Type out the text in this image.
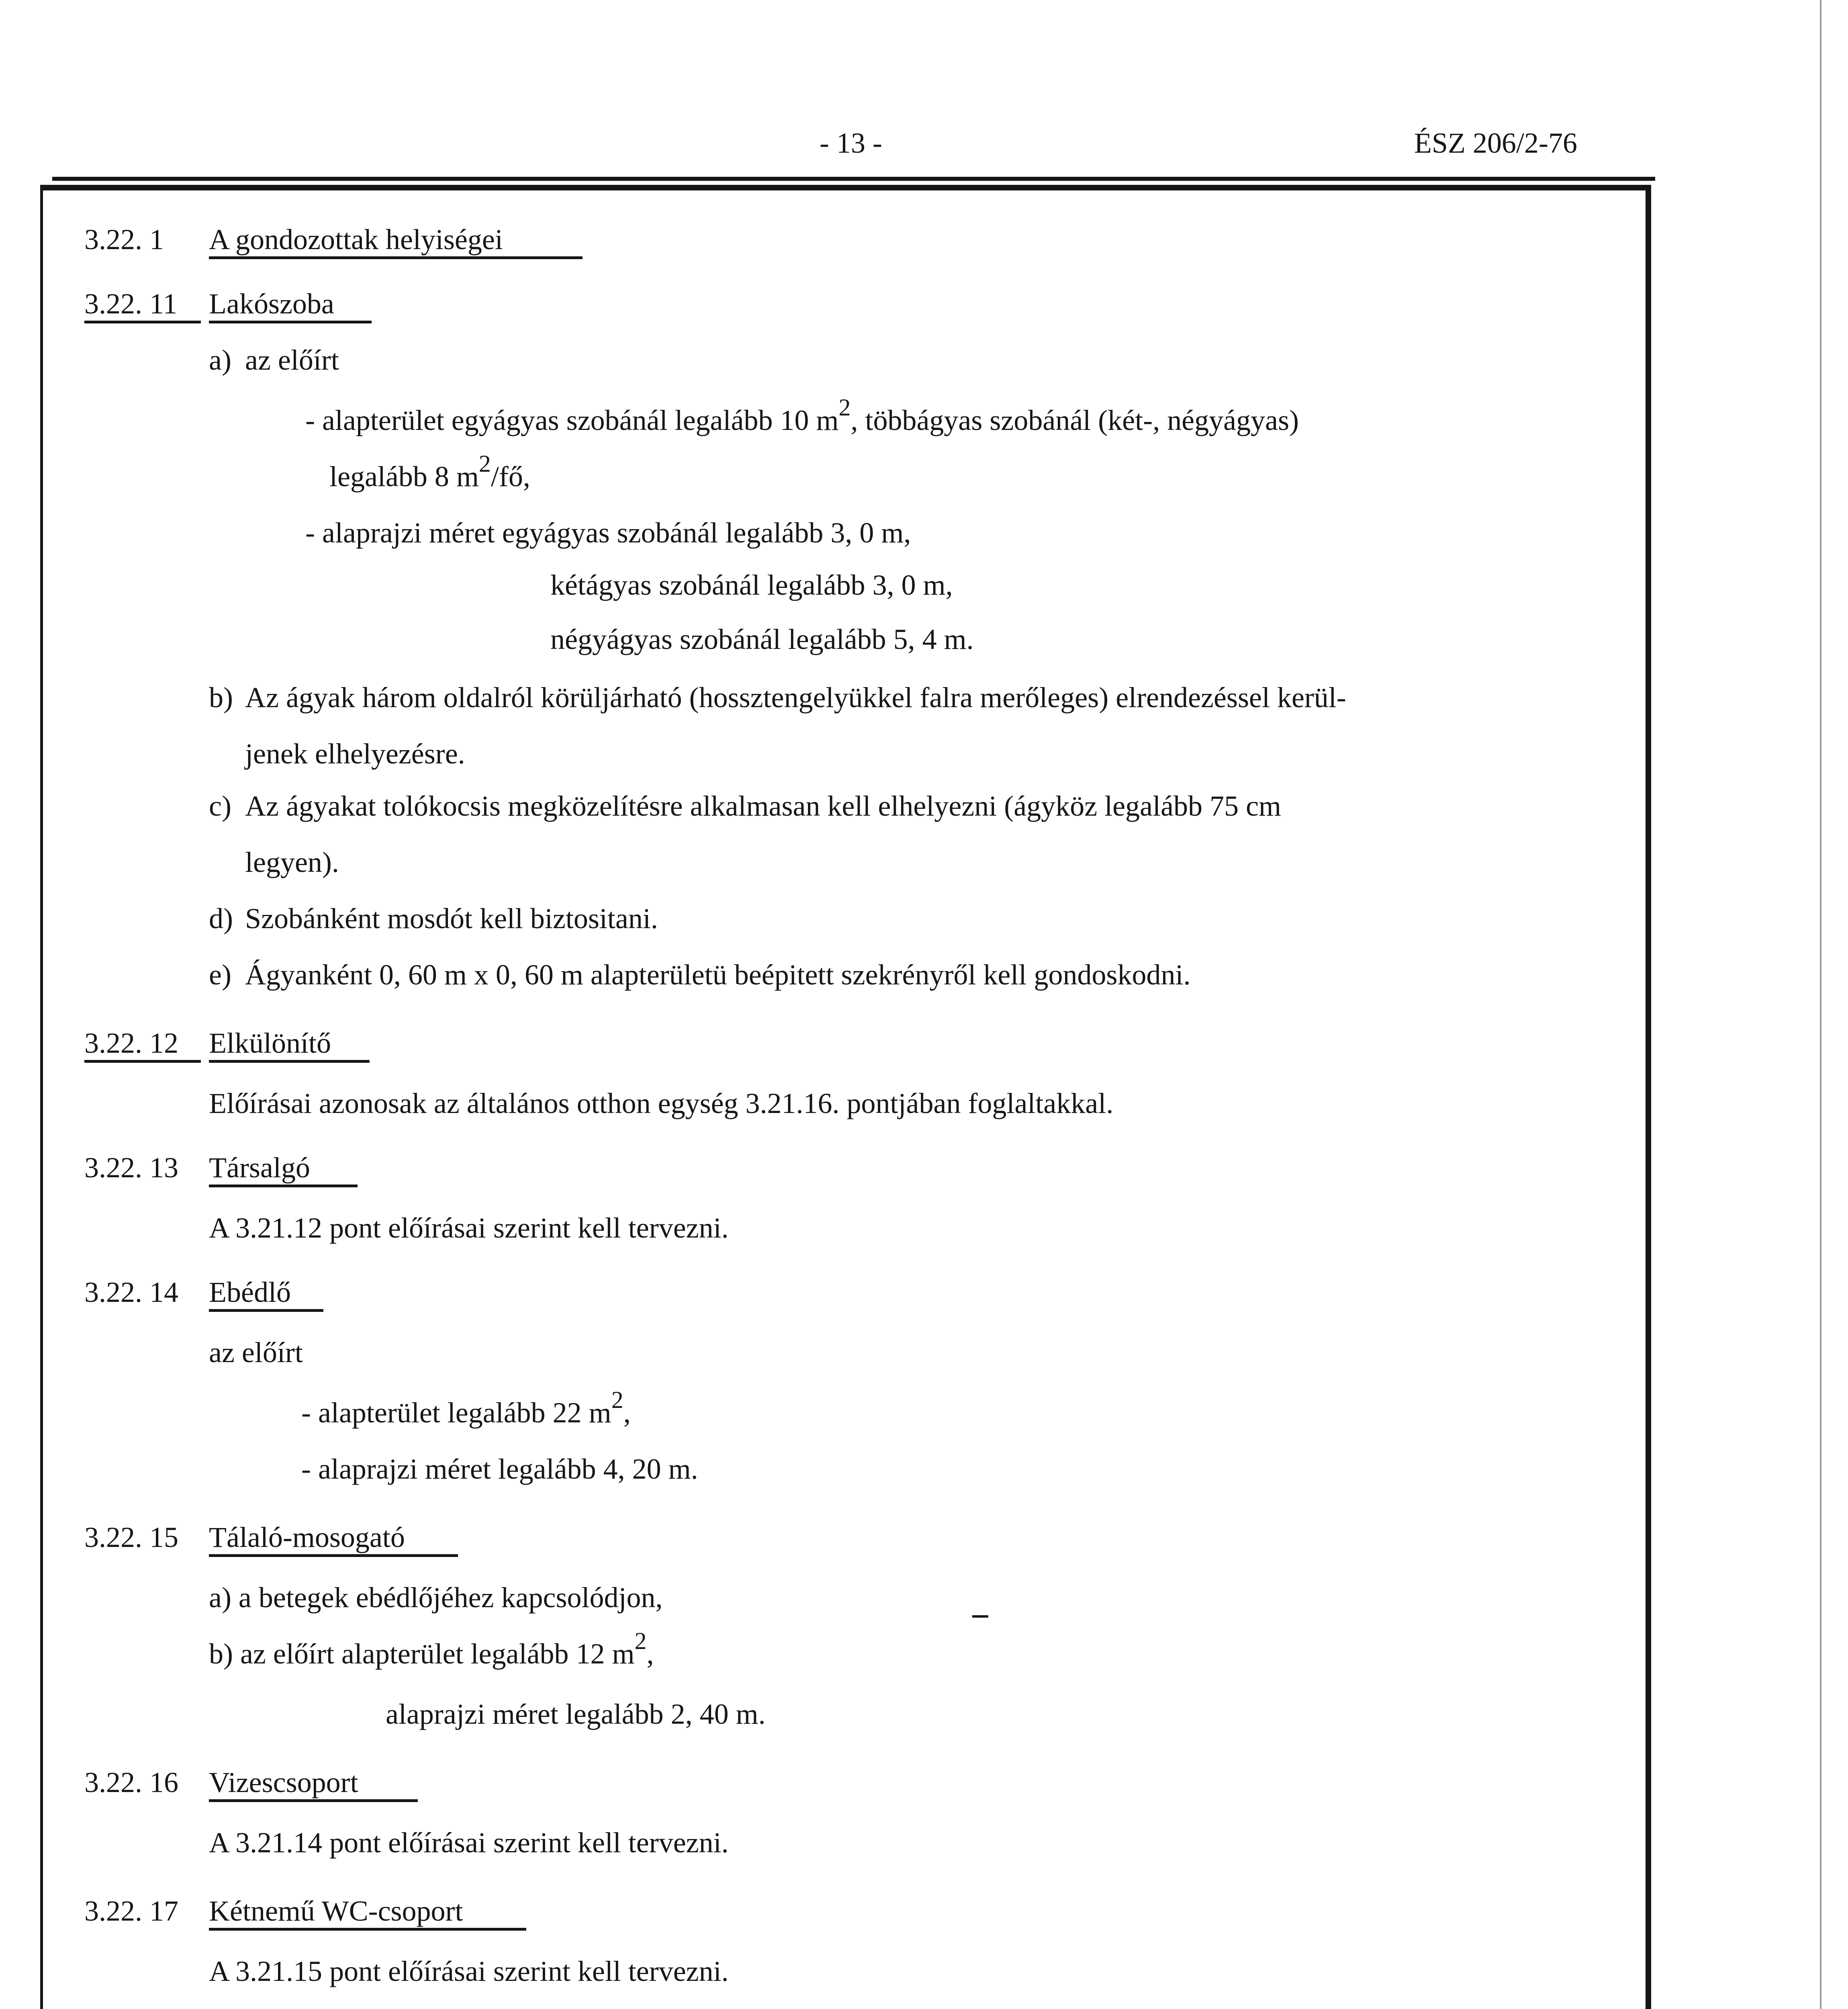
- 13 -	ÉSZ 206/2-76
3.22. 1 A gondozottak helyiségei
3.22. 11	Lakószoba
a) az előírt
- alapterület egyágyas szobánál legalább 10 $m^2$, többágyas szobánál (két-, négyágyas)
legalább 8 $m^2/fő$,
- alaprajzi méret egyágyas szobánál legalább 3, 0 m,
kétágyas szobánál legalább 3, 0 m,
négyágyas szobánál legalább 5, 4 m.
b) Az ágyak három oldalról körüljárható (hossztengelyükkel falra merőleges) elrendezéssel kerül-
jenek elhelyezésre.
c) Az ágyakat tolókocsis megközelítésre alkalmasan kell elhelyezni (ágyköz legalább 75 cm
legyen).
d) Szobánként mosdót kell biztositani.
e) Ágyanként 0, 60 m x 0, 60 m alapterületü beépitett szekrényről kell gondoskodni.
3.22. 12	Elkülönítő
Előírásai azonosak az általános otthon egység 3.21.16. pontjában foglaltakkal.
3.22. 13 Társalgó
A 3.21.12 pont előírásai szerint kell tervezni.
3.22. 14 Ebédlő
az előírt
- alapterület legalább 22 $m^2$,
- alaprajzi méret legalább 4, 20 m.
3.22. 15 Tálaló-mosogató
a) a betegek ebédlőjéhez kapcsolódjon,
b) az előírt alapterület legalább 12 $m^2$,
alaprajzi méret legalább 2, 40 m.
3.22. 16 Vizescsoport
A 3.21.14 pont előírásai szerint kell tervezni.
3.22. 17 Kétnemű WC-csoport
A 3.21.15 pont előírásai szerint kell tervezni.
